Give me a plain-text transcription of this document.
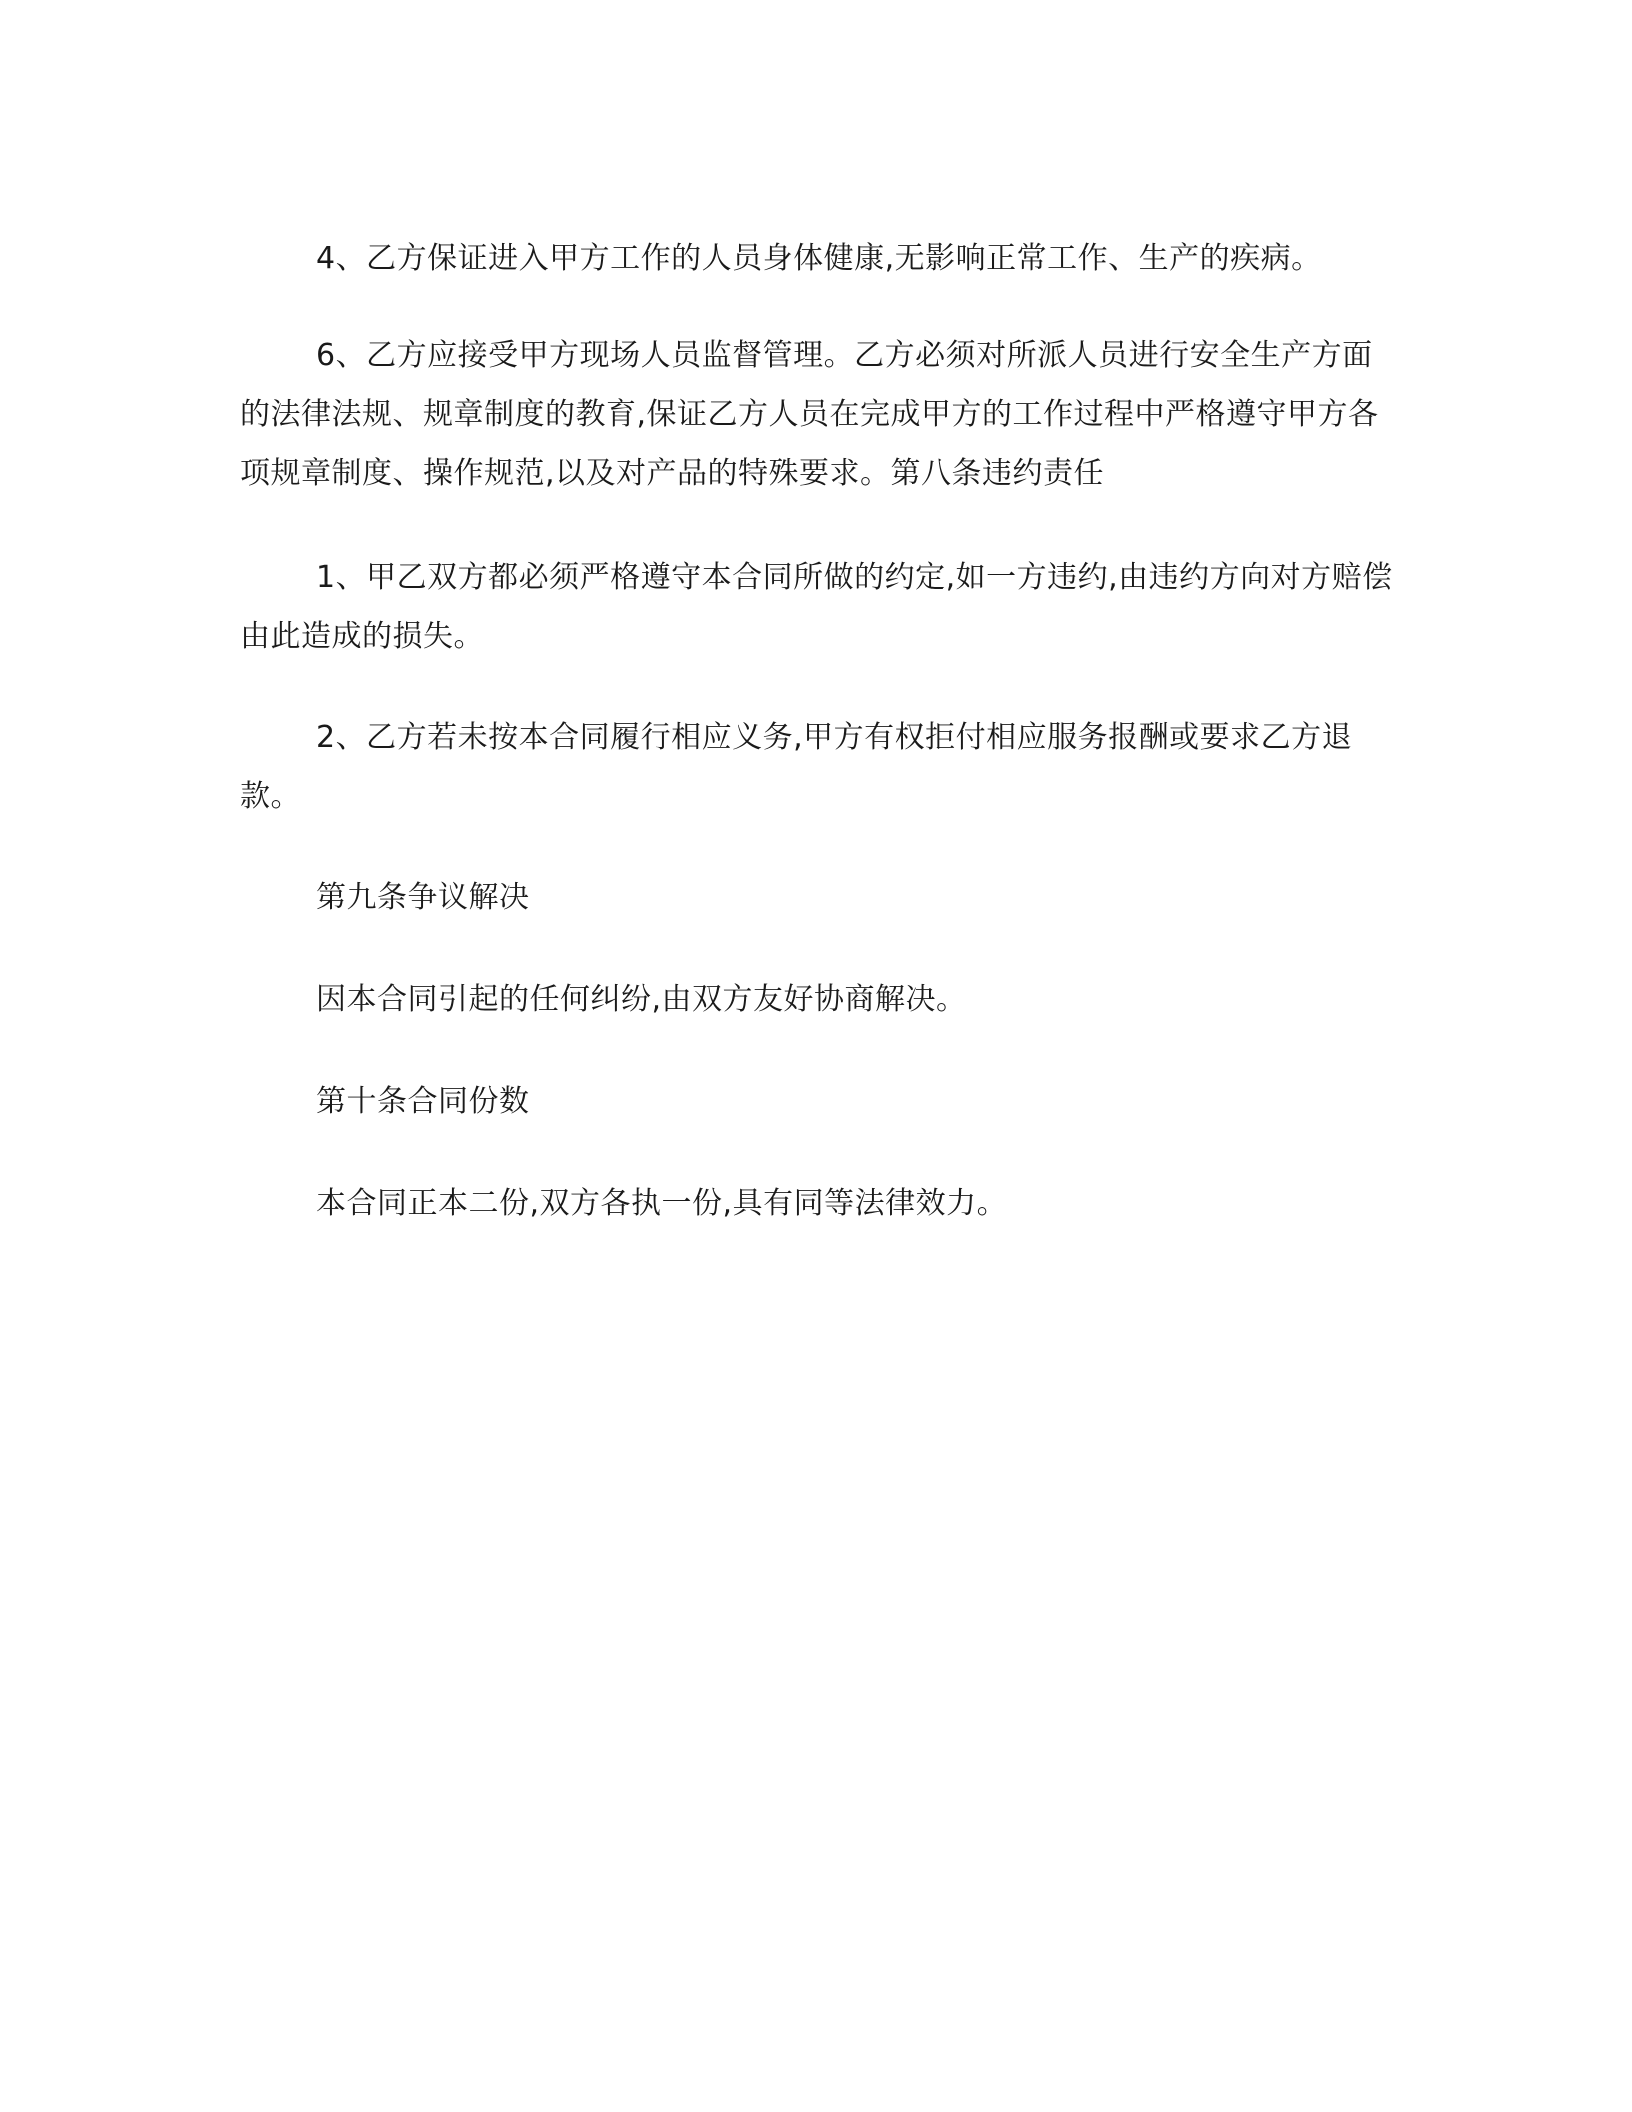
4、乙方保证进入甲方工作的人员身体健康,无影响正常工作、生产的疾病。

6、乙方应接受甲方现场人员监督管理。乙方必须对所派人员进行安全生产方面的法律法规、规章制度的教育,保证乙方人员在完成甲方的工作过程中严格遵守甲方各项规章制度、操作规范,以及对产品的特殊要求。第八条违约责任

1、甲乙双方都必须严格遵守本合同所做的约定,如一方违约,由违约方向对方赔偿由此造成的损失。

2、乙方若未按本合同履行相应义务,甲方有权拒付相应服务报酬或要求乙方退款。

第九条争议解决

因本合同引起的任何纠纷,由双方友好协商解决。

第十条合同份数

本合同正本二份,双方各执一份,具有同等法律效力。
